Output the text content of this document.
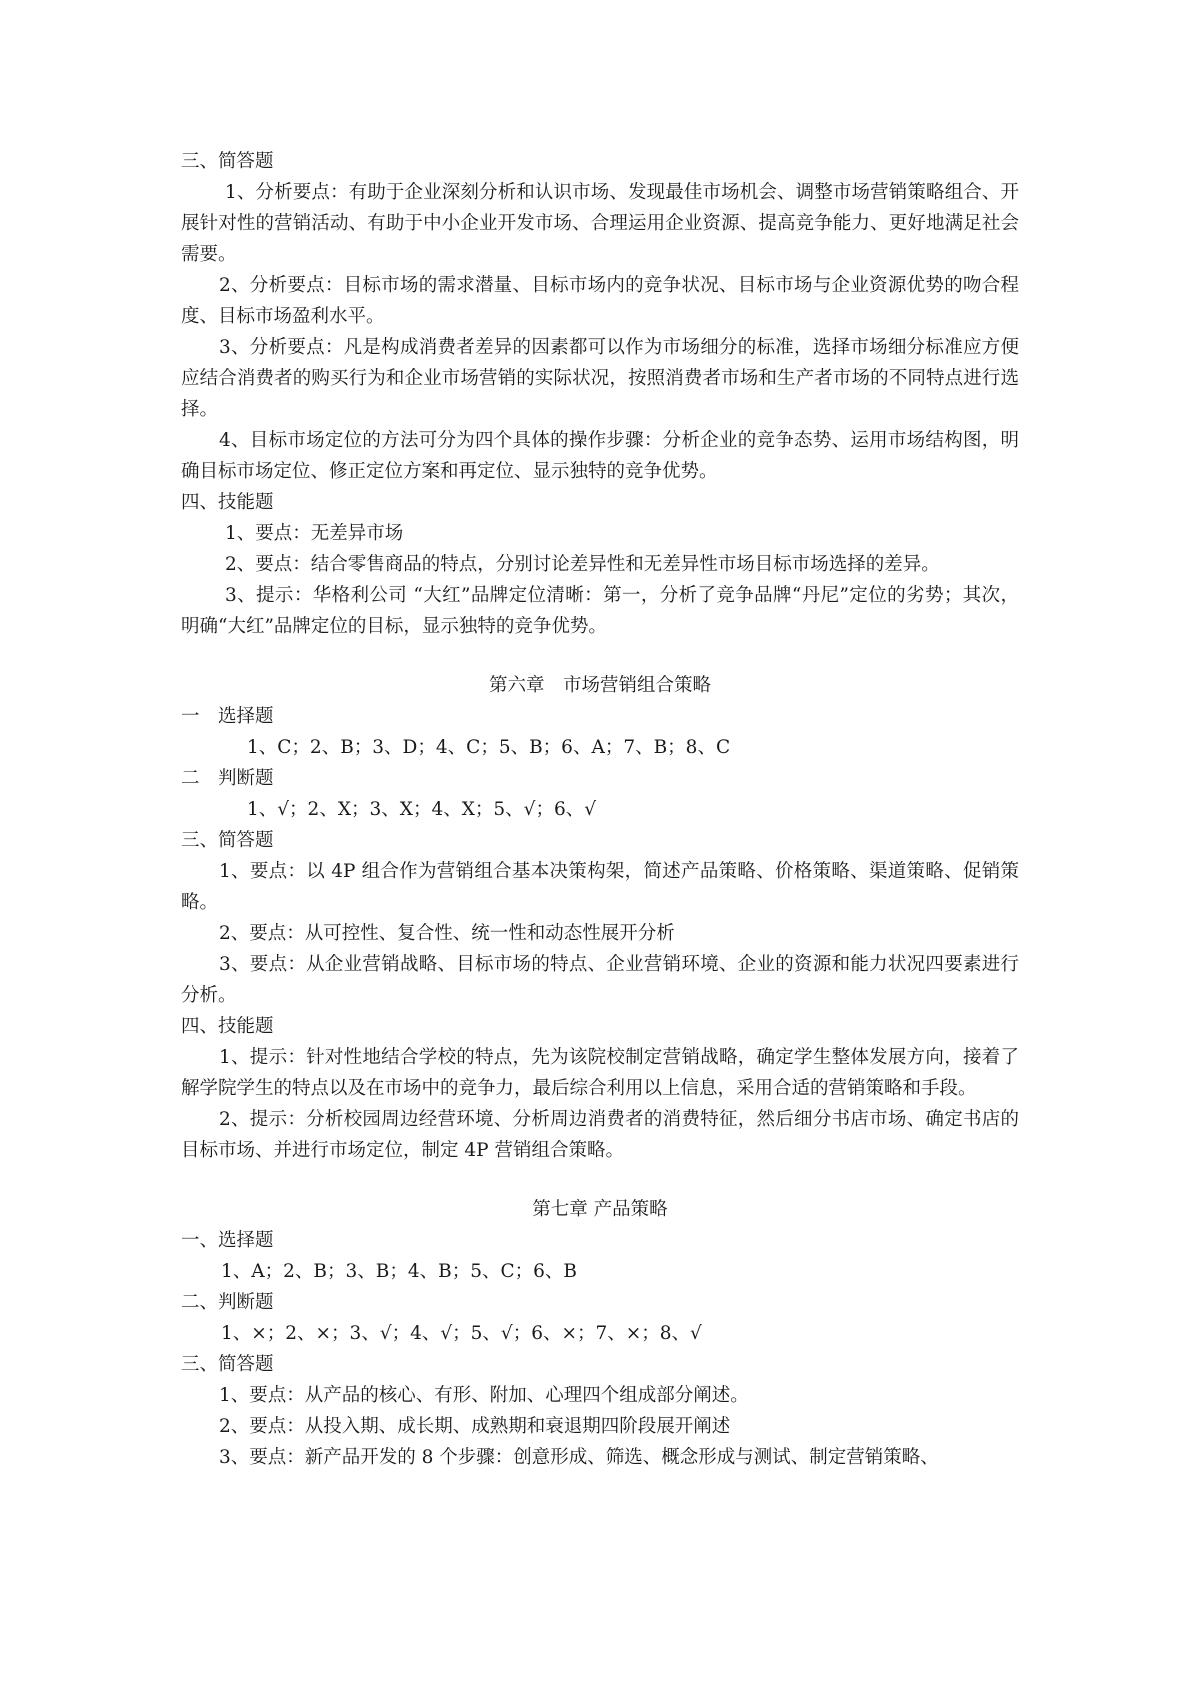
三、简答题

1、分析要点：有助于企业深刻分析和认识市场、发现最佳市场机会、调整市场营销策略组合、开展针对性的营销活动、有助于中小企业开发市场、合理运用企业资源、提高竞争能力、更好地满足社会需要。

2、分析要点：目标市场的需求潜量、目标市场内的竞争状况、目标市场与企业资源优势的吻合程度、目标市场盈利水平。

3、分析要点：凡是构成消费者差异的因素都可以作为市场细分的标准，选择市场细分标准应方便应结合消费者的购买行为和企业市场营销的实际状况，按照消费者市场和生产者市场的不同特点进行选择。

4、目标市场定位的方法可分为四个具体的操作步骤：分析企业的竞争态势、运用市场结构图，明确目标市场定位、修正定位方案和再定位、显示独特的竞争优势。

四、技能题

1、要点：无差异市场

2、要点：结合零售商品的特点，分别讨论差异性和无差异性市场目标市场选择的差异。

3、提示：华格利公司 “大红”品牌定位清晰：第一，分析了竞争品牌“丹尼”定位的劣势；其次，明确“大红”品牌定位的目标，显示独特的竞争优势。

第六章　市场营销组合策略

一　选择题

1、C；2、B；3、D；4、C；5、B；6、A；7、B；8、C

二　判断题

1、√；2、X；3、X；4、X；5、√；6、√

三、简答题

1、要点：以 4P 组合作为营销组合基本决策构架，简述产品策略、价格策略、渠道策略、促销策略。

2、要点：从可控性、复合性、统一性和动态性展开分析

3、要点：从企业营销战略、目标市场的特点、企业营销环境、企业的资源和能力状况四要素进行分析。

四、技能题

1、提示：针对性地结合学校的特点，先为该院校制定营销战略，确定学生整体发展方向，接着了解学院学生的特点以及在市场中的竞争力，最后综合利用以上信息，采用合适的营销策略和手段。

2、提示：分析校园周边经营环境、分析周边消费者的消费特征，然后细分书店市场、确定书店的目标市场、并进行市场定位，制定 4P 营销组合策略。

第七章 产品策略

一、选择题

1、A；2、B；3、B；4、B；5、C；6、B

二、判断题

1、×；2、×；3、√；4、√；5、√；6、×；7、×；8、√

三、简答题

1、要点：从产品的核心、有形、附加、心理四个组成部分阐述。

2、要点：从投入期、成长期、成熟期和衰退期四阶段展开阐述

3、要点：新产品开发的 8 个步骤：创意形成、筛选、概念形成与测试、制定营销策略、
